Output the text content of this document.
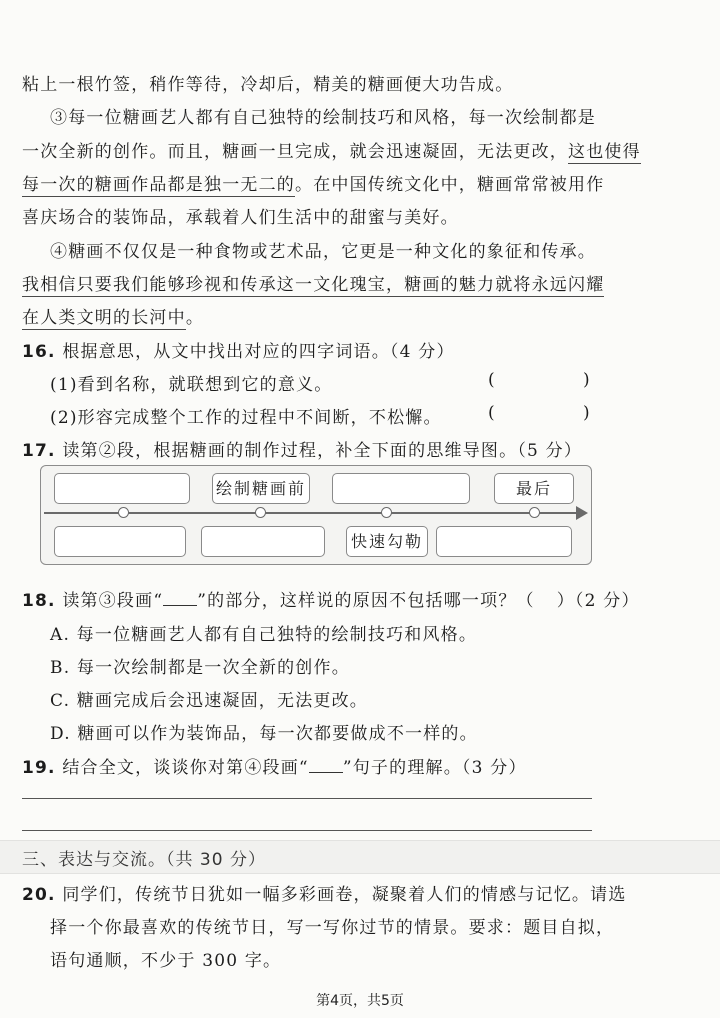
粘上一根竹签，稍作等待，冷却后，精美的糖画便大功告成。
③每一位糖画艺人都有自己独特的绘制技巧和风格，每一次绘制都是
一次全新的创作。而且，糖画一旦完成，就会迅速凝固，无法更改，这也使得
每一次的糖画作品都是独一无二的。在中国传统文化中，糖画常常被用作
喜庆场合的装饰品，承载着人们生活中的甜蜜与美好。
④糖画不仅仅是一种食物或艺术品，它更是一种文化的象征和传承。
我相信只要我们能够珍视和传承这一文化瑰宝，糖画的魅力就将永远闪耀
在人类文明的长河中。
16. 根据意思，从文中找出对应的四字词语。（4 分）
(1)看到名称，就联想到它的意义。	(	)
(2)形容完成整个工作的过程中不间断，不松懈。	(	)
17. 读第②段，根据糖画的制作过程，补全下面的思维导图。（5 分）
绘制糖画前	最后
快速勾勒
18. 读第③段画“ ”的部分，这样说的原因不包括哪一项？（ ）（2 分）
A. 每一位糖画艺人都有自己独特的绘制技巧和风格。
B. 每一次绘制都是一次全新的创作。
C. 糖画完成后会迅速凝固，无法更改。
D. 糖画可以作为装饰品，每一次都要做成不一样的。
19. 结合全文，谈谈你对第④段画“ ”句子的理解。（3 分）
三、表达与交流。（共 30 分）
20. 同学们，传统节日犹如一幅多彩画卷，凝聚着人们的情感与记忆。请选
择一个你最喜欢的传统节日，写一写你过节的情景。要求：题目自拟，
语句通顺，不少于 300 字。
第4页，共5页
